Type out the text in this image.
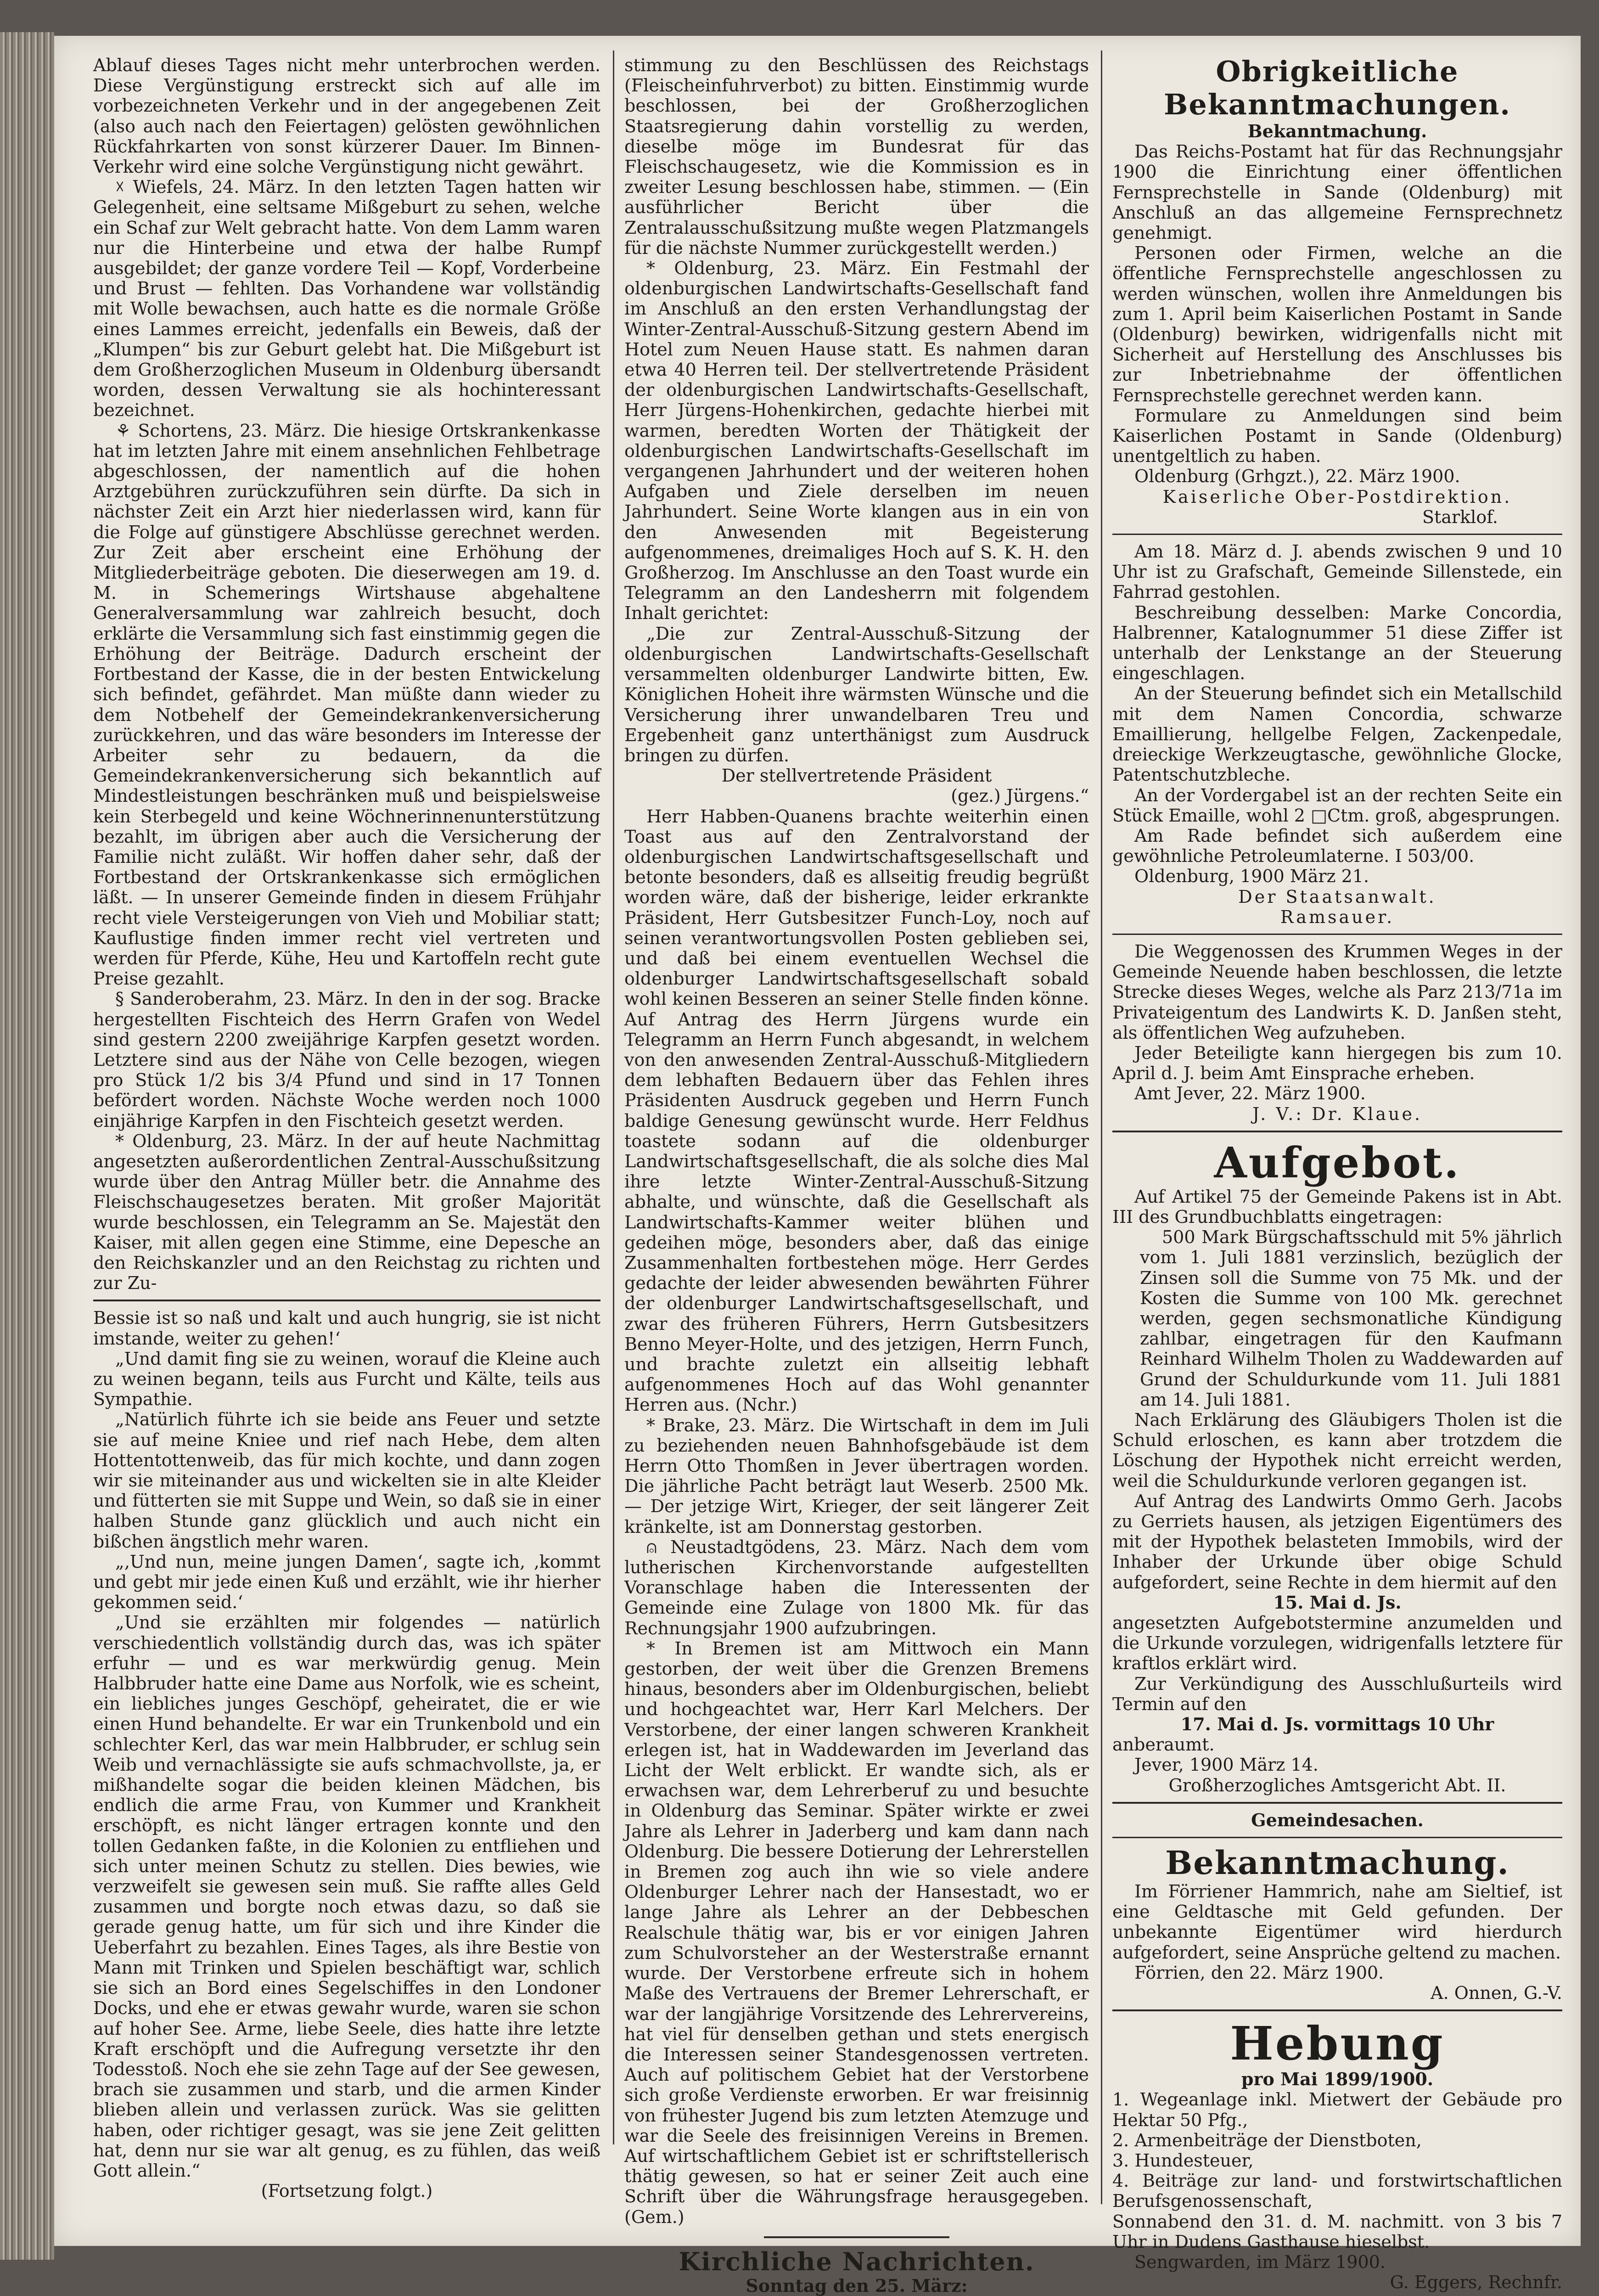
Ablauf dieses Tages nicht mehr unterbrochen werden. Diese Vergünstigung erstreckt sich auf alle im vorbezeichneten Verkehr und in der angegebenen Zeit (also auch nach den Feiertagen) gelösten gewöhnlichen Rückfahrkarten von sonst kürzerer Dauer. Im Binnen-Verkehr wird eine solche Vergünstigung nicht gewährt.

☓ Wiefels, 24. März. In den letzten Tagen hatten wir Gelegenheit, eine seltsame Mißgeburt zu sehen, welche ein Schaf zur Welt gebracht hatte. Von dem Lamm waren nur die Hinterbeine und etwa der halbe Rumpf ausgebildet; der ganze vordere Teil — Kopf, Vorderbeine und Brust — fehlten. Das Vorhandene war vollständig mit Wolle bewachsen, auch hatte es die normale Größe eines Lammes erreicht, jedenfalls ein Beweis, daß der „Klumpen“ bis zur Geburt gelebt hat. Die Mißgeburt ist dem Großherzoglichen Museum in Oldenburg übersandt worden, dessen Verwaltung sie als hochinteressant bezeichnet.

⚘ Schortens, 23. März. Die hiesige Ortskrankenkasse hat im letzten Jahre mit einem ansehnlichen Fehlbetrage abgeschlossen, der namentlich auf die hohen Arztgebühren zurückzuführen sein dürfte. Da sich in nächster Zeit ein Arzt hier niederlassen wird, kann für die Folge auf günstigere Abschlüsse gerechnet werden. Zur Zeit aber erscheint eine Erhöhung der Mitgliederbeiträge geboten. Die dieserwegen am 19. d. M. in Schemerings Wirtshause abgehaltene Generalversammlung war zahlreich besucht, doch erklärte die Versammlung sich fast einstimmig gegen die Erhöhung der Beiträge. Dadurch erscheint der Fortbestand der Kasse, die in der besten Entwickelung sich befindet, gefährdet. Man müßte dann wieder zu dem Notbehelf der Gemeindekrankenversicherung zurückkehren, und das wäre besonders im Interesse der Arbeiter sehr zu bedauern, da die Gemeindekrankenversicherung sich bekanntlich auf Mindestleistungen beschränken muß und beispielsweise kein Sterbegeld und keine Wöchnerinnenunterstützung bezahlt, im übrigen aber auch die Versicherung der Familie nicht zuläßt. Wir hoffen daher sehr, daß der Fortbestand der Ortskrankenkasse sich ermöglichen läßt. — In unserer Gemeinde finden in diesem Frühjahr recht viele Versteigerungen von Vieh und Mobiliar statt; Kauflustige finden immer recht viel vertreten und werden für Pferde, Kühe, Heu und Kartoffeln recht gute Preise gezahlt.

§ Sanderoberahm, 23. März. In den in der sog. Bracke hergestellten Fischteich des Herrn Grafen von Wedel sind gestern 2200 zweijährige Karpfen gesetzt worden. Letztere sind aus der Nähe von Celle bezogen, wiegen pro Stück 1/2 bis 3/4 Pfund und sind in 17 Tonnen befördert worden. Nächste Woche werden noch 1000 einjährige Karpfen in den Fischteich gesetzt werden.

* Oldenburg, 23. März. In der auf heute Nachmittag angesetzten außerordentlichen Zentral-Ausschußsitzung wurde über den Antrag Müller betr. die Annahme des Fleischschaugesetzes beraten. Mit großer Majorität wurde beschlossen, ein Telegramm an Se. Majestät den Kaiser, mit allen gegen eine Stimme, eine Depesche an den Reichskanzler und an den Reichstag zu richten und zur Zu-

Bessie ist so naß und kalt und auch hungrig, sie ist nicht imstande, weiter zu gehen!‘

„Und damit fing sie zu weinen, worauf die Kleine auch zu weinen begann, teils aus Furcht und Kälte, teils aus Sympathie.

„Natürlich führte ich sie beide ans Feuer und setzte sie auf meine Kniee und rief nach Hebe, dem alten Hottentottenweib, das für mich kochte, und dann zogen wir sie miteinander aus und wickelten sie in alte Kleider und fütterten sie mit Suppe und Wein, so daß sie in einer halben Stunde ganz glücklich und auch nicht ein bißchen ängstlich mehr waren.

„‚Und nun, meine jungen Damen‘, sagte ich, ‚kommt und gebt mir jede einen Kuß und erzählt, wie ihr hierher gekommen seid.‘

„Und sie erzählten mir folgendes — natürlich verschiedentlich vollständig durch das, was ich später erfuhr — und es war merkwürdig genug. Mein Halbbruder hatte eine Dame aus Norfolk, wie es scheint, ein liebliches junges Geschöpf, geheiratet, die er wie einen Hund behandelte. Er war ein Trunkenbold und ein schlechter Kerl, das war mein Halbbruder, er schlug sein Weib und vernachlässigte sie aufs schmachvollste, ja, er mißhandelte sogar die beiden kleinen Mädchen, bis endlich die arme Frau, von Kummer und Krankheit erschöpft, es nicht länger ertragen konnte und den tollen Gedanken faßte, in die Kolonien zu entfliehen und sich unter meinen Schutz zu stellen. Dies bewies, wie verzweifelt sie gewesen sein muß. Sie raffte alles Geld zusammen und borgte noch etwas dazu, so daß sie gerade genug hatte, um für sich und ihre Kinder die Ueberfahrt zu bezahlen. Eines Tages, als ihre Bestie von Mann mit Trinken und Spielen beschäftigt war, schlich sie sich an Bord eines Segelschiffes in den Londoner Docks, und ehe er etwas gewahr wurde, waren sie schon auf hoher See. Arme, liebe Seele, dies hatte ihre letzte Kraft erschöpft und die Aufregung versetzte ihr den Todesstoß. Noch ehe sie zehn Tage auf der See gewesen, brach sie zusammen und starb, und die armen Kinder blieben allein und verlassen zurück. Was sie gelitten haben, oder richtiger gesagt, was sie jene Zeit gelitten hat, denn nur sie war alt genug, es zu fühlen, das weiß Gott allein.“

(Fortsetzung folgt.)

stimmung zu den Beschlüssen des Reichstags (Fleischeinfuhrverbot) zu bitten. Einstimmig wurde beschlossen, bei der Großherzoglichen Staatsregierung dahin vorstellig zu werden, dieselbe möge im Bundesrat für das Fleischschaugesetz, wie die Kommission es in zweiter Lesung beschlossen habe, stimmen. — (Ein ausführlicher Bericht über die Zentralausschußsitzung mußte wegen Platzmangels für die nächste Nummer zurückgestellt werden.)

* Oldenburg, 23. März. Ein Festmahl der oldenburgischen Landwirtschafts-Gesellschaft fand im Anschluß an den ersten Verhandlungstag der Winter-Zentral-Ausschuß-Sitzung gestern Abend im Hotel zum Neuen Hause statt. Es nahmen daran etwa 40 Herren teil. Der stellvertretende Präsident der oldenburgischen Landwirtschafts-Gesellschaft, Herr Jürgens-Hohenkirchen, gedachte hierbei mit warmen, beredten Worten der Thätigkeit der oldenburgischen Landwirtschafts-Gesellschaft im vergangenen Jahrhundert und der weiteren hohen Aufgaben und Ziele derselben im neuen Jahrhundert. Seine Worte klangen aus in ein von den Anwesenden mit Begeisterung aufgenommenes, dreimaliges Hoch auf S. K. H. den Großherzog. Im Anschlusse an den Toast wurde ein Telegramm an den Landesherrn mit folgendem Inhalt gerichtet:

„Die zur Zentral-Ausschuß-Sitzung der oldenburgischen Landwirtschafts-Gesellschaft versammelten oldenburger Landwirte bitten, Ew. Königlichen Hoheit ihre wärmsten Wünsche und die Versicherung ihrer unwandelbaren Treu und Ergebenheit ganz unterthänigst zum Ausdruck bringen zu dürfen.

Der stellvertretende Präsident

(gez.) Jürgens.“

Herr Habben-Quanens brachte weiterhin einen Toast aus auf den Zentralvorstand der oldenburgischen Landwirtschaftsgesellschaft und betonte besonders, daß es allseitig freudig begrüßt worden wäre, daß der bisherige, leider erkrankte Präsident, Herr Gutsbesitzer Funch-Loy, noch auf seinen verantwortungsvollen Posten geblieben sei, und daß bei einem eventuellen Wechsel die oldenburger Landwirtschaftsgesellschaft sobald wohl keinen Besseren an seiner Stelle finden könne. Auf Antrag des Herrn Jürgens wurde ein Telegramm an Herrn Funch abgesandt, in welchem von den anwesenden Zentral-Ausschuß-Mitgliedern dem lebhaften Bedauern über das Fehlen ihres Präsidenten Ausdruck gegeben und Herrn Funch baldige Genesung gewünscht wurde. Herr Feldhus toastete sodann auf die oldenburger Landwirtschaftsgesellschaft, die als solche dies Mal ihre letzte Winter-Zentral-Ausschuß-Sitzung abhalte, und wünschte, daß die Gesellschaft als Landwirtschafts-Kammer weiter blühen und gedeihen möge, besonders aber, daß das einige Zusammenhalten fortbestehen möge. Herr Gerdes gedachte der leider abwesenden bewährten Führer der oldenburger Landwirtschaftsgesellschaft, und zwar des früheren Führers, Herrn Gutsbesitzers Benno Meyer-Holte, und des jetzigen, Herrn Funch, und brachte zuletzt ein allseitig lebhaft aufgenommenes Hoch auf das Wohl genannter Herren aus. (Nchr.)

* Brake, 23. März. Die Wirtschaft in dem im Juli zu beziehenden neuen Bahnhofsgebäude ist dem Herrn Otto Thomßen in Jever übertragen worden. Die jährliche Pacht beträgt laut Weserb. 2500 Mk. — Der jetzige Wirt, Krieger, der seit längerer Zeit kränkelte, ist am Donnerstag gestorben.

⍝ Neustadtgödens, 23. März. Nach dem vom lutherischen Kirchenvorstande aufgestellten Voranschlage haben die Interessenten der Gemeinde eine Zulage von 1800 Mk. für das Rechnungsjahr 1900 aufzubringen.

* In Bremen ist am Mittwoch ein Mann gestorben, der weit über die Grenzen Bremens hinaus, besonders aber im Oldenburgischen, beliebt und hochgeachtet war, Herr Karl Melchers. Der Verstorbene, der einer langen schweren Krankheit erlegen ist, hat in Waddewarden im Jeverland das Licht der Welt erblickt. Er wandte sich, als er erwachsen war, dem Lehrerberuf zu und besuchte in Oldenburg das Seminar. Später wirkte er zwei Jahre als Lehrer in Jaderberg und kam dann nach Oldenburg. Die bessere Dotierung der Lehrerstellen in Bremen zog auch ihn wie so viele andere Oldenburger Lehrer nach der Hansestadt, wo er lange Jahre als Lehrer an der Debbeschen Realschule thätig war, bis er vor einigen Jahren zum Schulvorsteher an der Westerstraße ernannt wurde. Der Verstorbene erfreute sich in hohem Maße des Vertrauens der Bremer Lehrerschaft, er war der langjährige Vorsitzende des Lehrervereins, hat viel für denselben gethan und stets energisch die Interessen seiner Standesgenossen vertreten. Auch auf politischem Gebiet hat der Verstorbene sich große Verdienste erworben. Er war freisinnig von frühester Jugend bis zum letzten Atemzuge und war die Seele des freisinnigen Vereins in Bremen. Auf wirtschaftlichem Gebiet ist er schriftstellerisch thätig gewesen, so hat er seiner Zeit auch eine Schrift über die Währungsfrage herausgegeben. (Gem.)

Kirchliche Nachrichten.

Sonntag den 25. März:

Obrigkeitliche Bekanntmachungen.

Bekanntmachung.

Das Reichs-Postamt hat für das Rechnungsjahr 1900 die Einrichtung einer öffentlichen Fernsprechstelle in Sande (Oldenburg) mit Anschluß an das allgemeine Fernsprechnetz genehmigt.

Personen oder Firmen, welche an die öffentliche Fernsprechstelle angeschlossen zu werden wünschen, wollen ihre Anmeldungen bis zum 1. April beim Kaiserlichen Postamt in Sande (Oldenburg) bewirken, widrigenfalls nicht mit Sicherheit auf Herstellung des Anschlusses bis zur Inbetriebnahme der öffentlichen Fernsprechstelle gerechnet werden kann.

Formulare zu Anmeldungen sind beim Kaiserlichen Postamt in Sande (Oldenburg) unentgeltlich zu haben.

Oldenburg (Grhgzt.), 22. März 1900.

Kaiserliche Ober-Postdirektion.

Starklof.

Am 18. März d. J. abends zwischen 9 und 10 Uhr ist zu Grafschaft, Gemeinde Sillenstede, ein Fahrrad gestohlen.

Beschreibung desselben: Marke Concordia, Halbrenner, Katalognummer 51 diese Ziffer ist unterhalb der Lenkstange an der Steuerung eingeschlagen.

An der Steuerung befindet sich ein Metallschild mit dem Namen Concordia, schwarze Emaillierung, hellgelbe Felgen, Zackenpedale, dreieckige Werkzeugtasche, gewöhnliche Glocke, Patentschutzbleche.

An der Vordergabel ist an der rechten Seite ein Stück Emaille, wohl 2 □Ctm. groß, abgesprungen.

Am Rade befindet sich außerdem eine gewöhnliche Petroleumlaterne. I 503/00.

Oldenburg, 1900 März 21.

Der Staatsanwalt.

Ramsauer.

Die Weggenossen des Krummen Weges in der Gemeinde Neuende haben beschlossen, die letzte Strecke dieses Weges, welche als Parz 213/71a im Privateigentum des Landwirts K. D. Janßen steht, als öffentlichen Weg aufzuheben.

Jeder Beteiligte kann hiergegen bis zum 10. April d. J. beim Amt Einsprache erheben.

Amt Jever, 22. März 1900.

J. V.: Dr. Klaue.

Aufgebot.

Auf Artikel 75 der Gemeinde Pakens ist in Abt. III des Grundbuchblatts eingetragen:

500 Mark Bürgschaftsschuld mit 5% jährlich vom 1. Juli 1881 verzinslich, bezüglich der Zinsen soll die Summe von 75 Mk. und der Kosten die Summe von 100 Mk. gerechnet werden, gegen sechsmonatliche Kündigung zahlbar, eingetragen für den Kaufmann Reinhard Wilhelm Tholen zu Waddewarden auf Grund der Schuldurkunde vom 11. Juli 1881 am 14. Juli 1881.

Nach Erklärung des Gläubigers Tholen ist die Schuld erloschen, es kann aber trotzdem die Löschung der Hypothek nicht erreicht werden, weil die Schuldurkunde verloren gegangen ist.

Auf Antrag des Landwirts Ommo Gerh. Jacobs zu Gerriets hausen, als jetzigen Eigentümers des mit der Hypothek belasteten Immobils, wird der Inhaber der Urkunde über obige Schuld aufgefordert, seine Rechte in dem hiermit auf den

15. Mai d. Js.

angesetzten Aufgebotstermine anzumelden und die Urkunde vorzulegen, widrigenfalls letztere für kraftlos erklärt wird.

Zur Verkündigung des Ausschlußurteils wird Termin auf den

17. Mai d. Js. vormittags 10 Uhr

anberaumt.

Jever, 1900 März 14.

Großherzogliches Amtsgericht Abt. II.

Gemeindesachen.

Bekanntmachung.

Im Förriener Hammrich, nahe am Sieltief, ist eine Geldtasche mit Geld gefunden. Der unbekannte Eigentümer wird hierdurch aufgefordert, seine Ansprüche geltend zu machen.

Förrien, den 22. März 1900.

A. Onnen, G.-V.

Hebung

pro Mai 1899/1900.

1. Wegeanlage inkl. Mietwert der Gebäude pro Hektar 50 Pfg.,

2. Armenbeiträge der Dienstboten,

3. Hundesteuer,

4. Beiträge zur land- und forstwirtschaftlichen Berufsgenossenschaft,

Sonnabend den 31. d. M. nachmitt. von 3 bis 7 Uhr in Dudens Gasthause hieselbst.

Sengwarden, im März 1900.

G. Eggers, Rechnfr.
